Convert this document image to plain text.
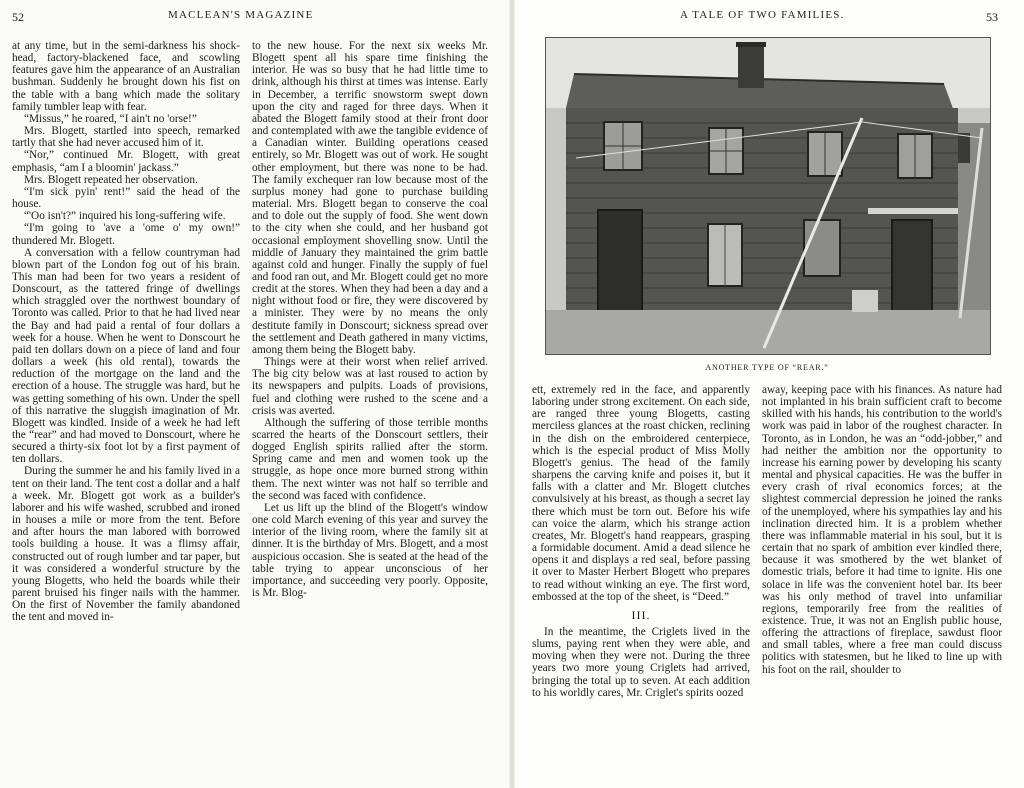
52	MACLEAN'S MAGAZINE

at any time, but in the semi-darkness his shock-head, factory-blackened face, and scowling features gave him the appearance of an Australian bushman. Suddenly he brought down his fist on the table with a bang which made the solitary family tumbler leap with fear.

“Missus,” he roared, “I ain't no 'orse!”

Mrs. Blogett, startled into speech, remarked tartly that she had never accused him of it.

“Nor,” continued Mr. Blogett, with great emphasis, “am I a bloomin' jackass.”

Mrs. Blogett repeated her observation.

“I'm sick pyin' rent!” said the head of the house.

“'Oo isn't?” inquired his long-suffering wife.

“I'm going to 'ave a 'ome o' my own!” thundered Mr. Blogett.

A conversation with a fellow countryman had blown part of the London fog out of his brain. This man had been for two years a resident of Donscourt, as the tattered fringe of dwellings which straggled over the northwest boundary of Toronto was called. Prior to that he had lived near the Bay and had paid a rental of four dollars a week for a house. When he went to Donscourt he paid ten dollars down on a piece of land and four dollars a week (his old rental), towards the reduction of the mortgage on the land and the erection of a house. The struggle was hard, but he was getting something of his own. Under the spell of this narrative the sluggish imagination of Mr. Blogett was kindled. Inside of a week he had left the “rear” and had moved to Donscourt, where he secured a thirty-six foot lot by a first payment of ten dollars.

During the summer he and his family lived in a tent on their land. The tent cost a dollar and a half a week. Mr. Blogett got work as a builder's laborer and his wife washed, scrubbed and ironed in houses a mile or more from the tent. Before and after hours the man labored with borrowed tools building a house. It was a flimsy affair, constructed out of rough lumber and tar paper, but it was considered a wonderful structure by the young Blogetts, who held the boards while their parent bruised his finger nails with the hammer. On the first of November the family abandoned the tent and moved in-

to the new house. For the next six weeks Mr. Blogett spent all his spare time finishing the interior. He was so busy that he had little time to drink, although his thirst at times was intense. Early in December, a terrific snowstorm swept down upon the city and raged for three days. When it abated the Blogett family stood at their front door and contemplated with awe the tangible evidence of a Canadian winter. Building operations ceased entirely, so Mr. Blogett was out of work. He sought other employment, but there was none to be had. The family exchequer ran low because most of the surplus money had gone to purchase building material. Mrs. Blogett began to conserve the coal and to dole out the supply of food. She went down to the city when she could, and her husband got occasional employment shovelling snow. Until the middle of January they maintained the grim battle against cold and hunger. Finally the supply of fuel and food ran out, and Mr. Blogett could get no more credit at the stores. When they had been a day and a night without food or fire, they were discovered by a minister. They were by no means the only destitute family in Donscourt; sickness spread over the settlement and Death gathered in many victims, among them being the Blogett baby.

Things were at their worst when relief arrived. The big city below was at last roused to action by its newspapers and pulpits. Loads of provisions, fuel and clothing were rushed to the scene and a crisis was averted.

Although the suffering of those terrible months scarred the hearts of the Donscourt settlers, their dogged English spirits rallied after the storm. Spring came and men and women took up the struggle, as hope once more burned strong within them. The next winter was not half so terrible and the second was faced with confidence.

Let us lift up the blind of the Blogett's window one cold March evening of this year and survey the interior of the living room, where the family sit at dinner. It is the birthday of Mrs. Blogett, and a most auspicious occasion. She is seated at the head of the table trying to appear unconscious of her importance, and succeeding very poorly. Opposite, is Mr. Blog-

A TALE OF TWO FAMILIES.	53
ANOTHER TYPE OF “REAR.”

ett, extremely red in the face, and apparently laboring under strong excitement. On each side, are ranged three young Blogetts, casting merciless glances at the roast chicken, reclining in the dish on the embroidered centerpiece, which is the especial product of Miss Molly Blogett's genius. The head of the family sharpens the carving knife and poises it, but it falls with a clatter and Mr. Blogett clutches convulsively at his breast, as though a secret lay there which must be torn out. Before his wife can voice the alarm, which his strange action creates, Mr. Blogett's hand reappears, grasping a formidable document. Amid a dead silence he opens it and displays a red seal, before passing it over to Master Herbert Blogett who prepares to read without winking an eye. The first word, embossed at the top of the sheet, is “Deed.”

III.

In the meantime, the Criglets lived in the slums, paying rent when they were able, and moving when they were not. During the three years two more young Criglets had arrived, bringing the total up to seven. At each addition to his worldly cares, Mr. Criglet's spirits oozed

away, keeping pace with his finances. As nature had not implanted in his brain sufficient craft to become skilled with his hands, his contribution to the world's work was paid in labor of the roughest character. In Toronto, as in London, he was an “odd-jobber,” and had neither the ambition nor the opportunity to increase his earning power by developing his scanty mental and physical capacities. He was the buffer in every crash of rival economics forces; at the slightest commercial depression he joined the ranks of the unemployed, where his sympathies lay and his inclination directed him. It is a problem whether there was inflammable material in his soul, but it is certain that no spark of ambition ever kindled there, because it was smothered by the wet blanket of domestic trials, before it had time to ignite. His one solace in life was the convenient hotel bar. Its beer was his only method of travel into unfamiliar regions, temporarily free from the realities of existence. True, it was not an English public house, offering the attractions of fireplace, sawdust floor and small tables, where a free man could discuss politics with statesmen, but he liked to line up with his foot on the rail, shoulder to
